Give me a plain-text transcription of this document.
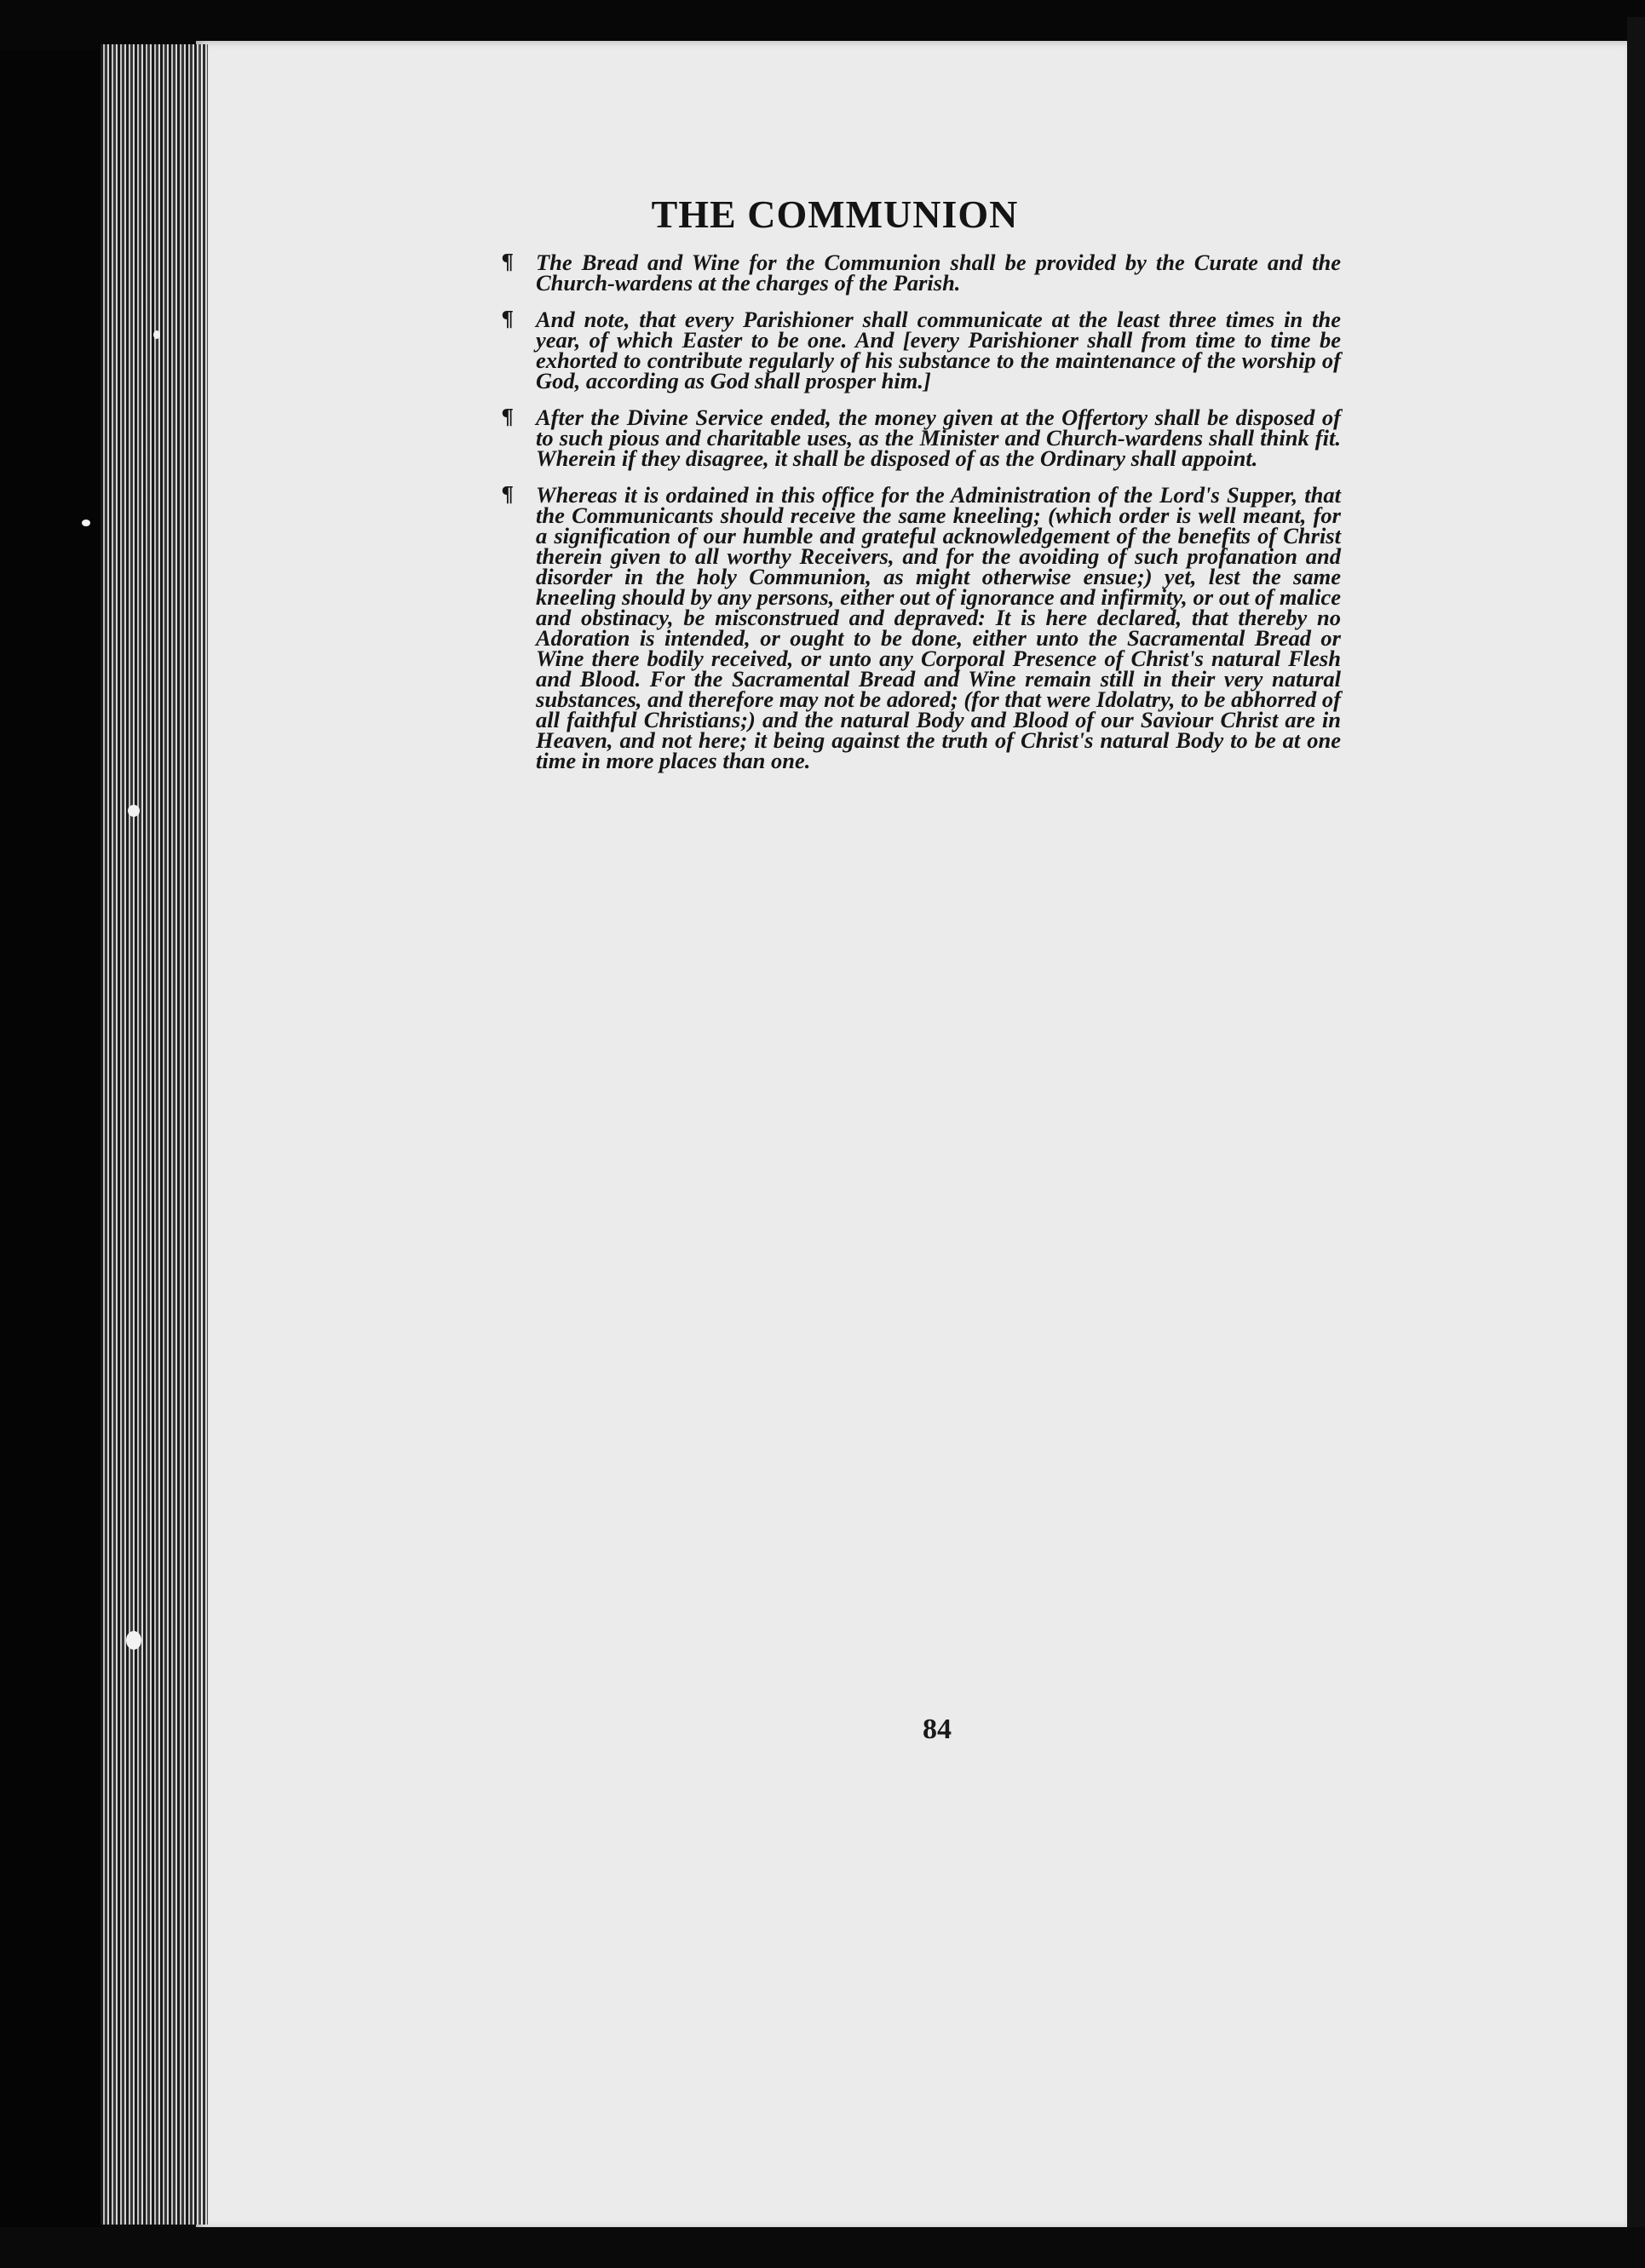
THE COMMUNION

¶ The Bread and Wine for the Communion shall be provided by the Curate and the Church-wardens at the charges of the Parish.

¶ And note, that every Parishioner shall communicate at the least three times in the year, of which Easter to be one. And [every Parishioner shall from time to time be exhorted to contribute regularly of his substance to the maintenance of the worship of God, according as God shall prosper him.]

¶ After the Divine Service ended, the money given at the Offertory shall be disposed of to such pious and charitable uses, as the Minister and Church-wardens shall think fit. Wherein if they disagree, it shall be disposed of as the Ordinary shall appoint.

¶ Whereas it is ordained in this office for the Administration of the Lord's Supper, that the Communicants should receive the same kneeling; (which order is well meant, for a signification of our humble and grateful acknowledgement of the benefits of Christ therein given to all worthy Receivers, and for the avoiding of such profanation and disorder in the holy Communion, as might otherwise ensue;) yet, lest the same kneeling should by any persons, either out of ignorance and infirmity, or out of malice and obstinacy, be misconstrued and depraved: It is here declared, that thereby no Adoration is intended, or ought to be done, either unto the Sacramental Bread or Wine there bodily received, or unto any Corporal Presence of Christ's natural Flesh and Blood. For the Sacramental Bread and Wine remain still in their very natural substances, and therefore may not be adored; (for that were Idolatry, to be abhorred of all faithful Christians;) and the natural Body and Blood of our Saviour Christ are in Heaven, and not here; it being against the truth of Christ's natural Body to be at one time in more places than one.

84
